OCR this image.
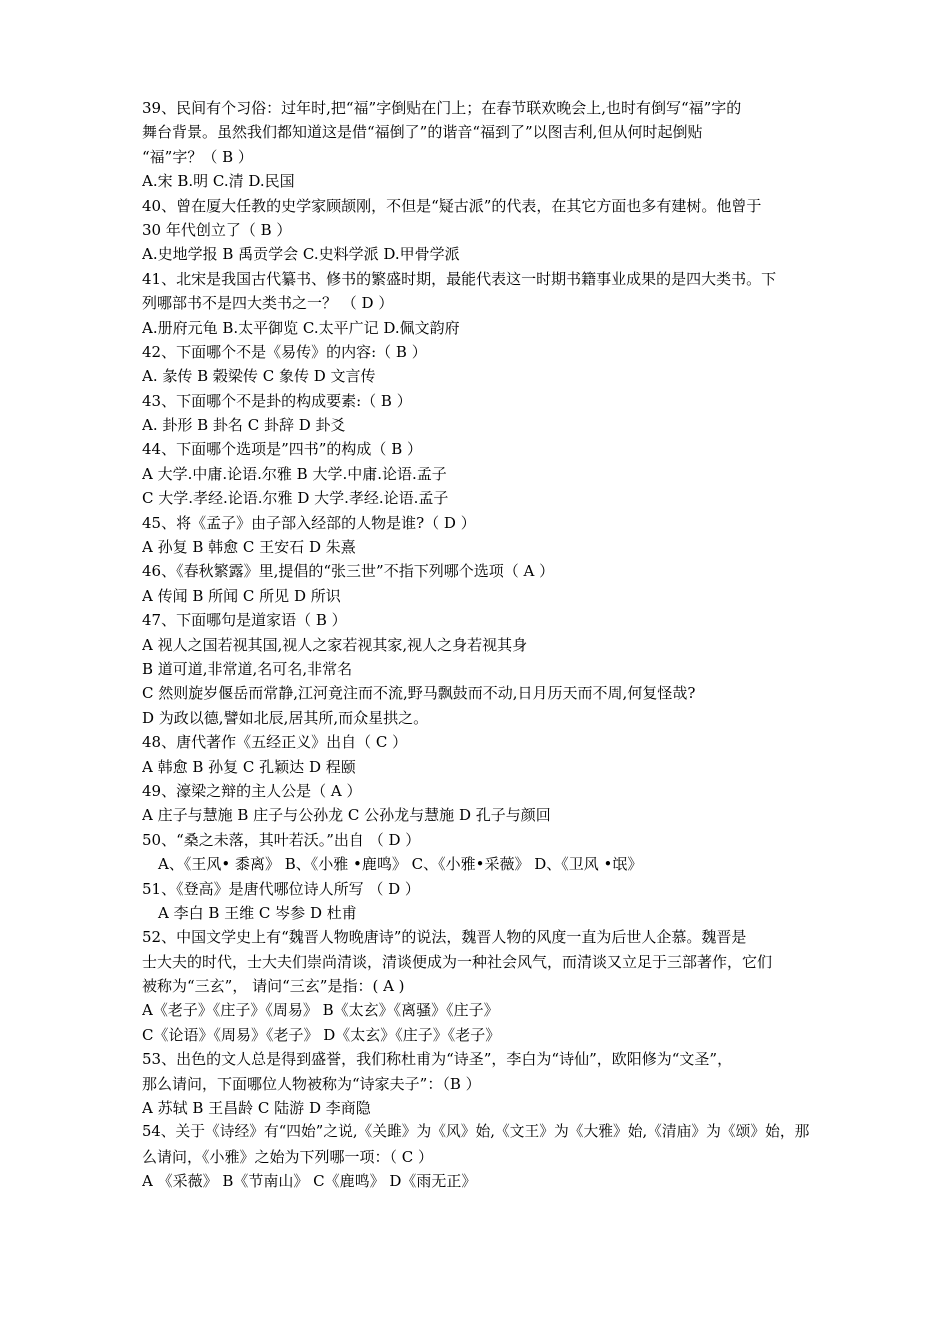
39、民间有个习俗：过年时,把“福”字倒贴在门上；在春节联欢晚会上,也时有倒写“福”字的
舞台背景。虽然我们都知道这是借“福倒了”的谐音“福到了”以图吉利,但从何时起倒贴
“福”字？（ B ）
A.宋 B.明 C.清 D.民国
40、曾在厦大任教的史学家顾颉刚，不但是“疑古派”的代表，在其它方面也多有建树。他曾于
30 年代创立了（ B ）
A.史地学报 B 禹贡学会 C.史料学派 D.甲骨学派
41、北宋是我国古代纂书、修书的繁盛时期，最能代表这一时期书籍事业成果的是四大类书。下
列哪部书不是四大类书之一？ （ D ）
A.册府元龟 B.太平御览 C.太平广记 D.佩文韵府
42、下面哪个不是《易传》的内容:（ B ）
A. 彖传 B 榖梁传 C 象传 D 文言传
43、下面哪个不是卦的构成要素:（ B ）
A. 卦形 B 卦名 C 卦辞 D 卦爻
44、下面哪个选项是”四书”的构成（ B ）
A 大学.中庸.论语.尔雅 B 大学.中庸.论语.孟子
C 大学.孝经.论语.尔雅 D 大学.孝经.论语.孟子
45、将《孟子》由子部入经部的人物是谁?（ D ）
A 孙复 B 韩愈 C 王安石 D 朱熹
46、《春秋繁露》里,提倡的“张三世”不指下列哪个选项（ A ）
A 传闻 B 所闻 C 所见 D 所识
47、下面哪句是道家语（ B ）
A 视人之国若视其国,视人之家若视其家,视人之身若视其身
B 道可道,非常道,名可名,非常名
C 然则旋岁偃岳而常静,江河竟注而不流,野马飘鼓而不动,日月历天而不周,何复怪哉?
D 为政以德,譬如北辰,居其所,而众星拱之。
48、唐代著作《五经正义》出自（ C ）
A 韩愈 B 孙复 C 孔颖达 D 程颐
49、濠梁之辩的主人公是（ A ）
A 庄子与慧施 B 庄子与公孙龙 C 公孙龙与慧施 D 孔子与颜回
50、“桑之未落，其叶若沃。”出自 （ D ）
A、《王风• 黍离》 B、《小雅 •鹿鸣》 C、《小雅•采薇》 D、《卫风 •氓》
51、《登高》是唐代哪位诗人所写 （ D ）
A 李白 B 王维 C 岑参 D 杜甫
52、中国文学史上有“魏晋人物晚唐诗”的说法，魏晋人物的风度一直为后世人企慕。魏晋是
士大夫的时代，士大夫们崇尚清谈，清谈便成为一种社会风气，而清谈又立足于三部著作，它们
被称为“三玄”， 请问“三玄”是指：( A )
A《老子》《庄子》《周易》 B《太玄》《离骚》《庄子》
C《论语》《周易》《老子》 D《太玄》《庄子》《老子》
53、出色的文人总是得到盛誉，我们称杜甫为“诗圣”，李白为“诗仙”，欧阳修为“文圣”，
那么请问，下面哪位人物被称为“诗家夫子”：（B ）
A 苏轼 B 王昌龄 C 陆游 D 李商隐
54、关于《诗经》有“四始”之说,《关雎》为《风》始,《文王》为《大雅》始,《清庙》为《颂》始，那
么请问，《小雅》之始为下列哪一项：（ C ）
A 《采薇》 B《节南山》 C《鹿鸣》 D《雨无正》
